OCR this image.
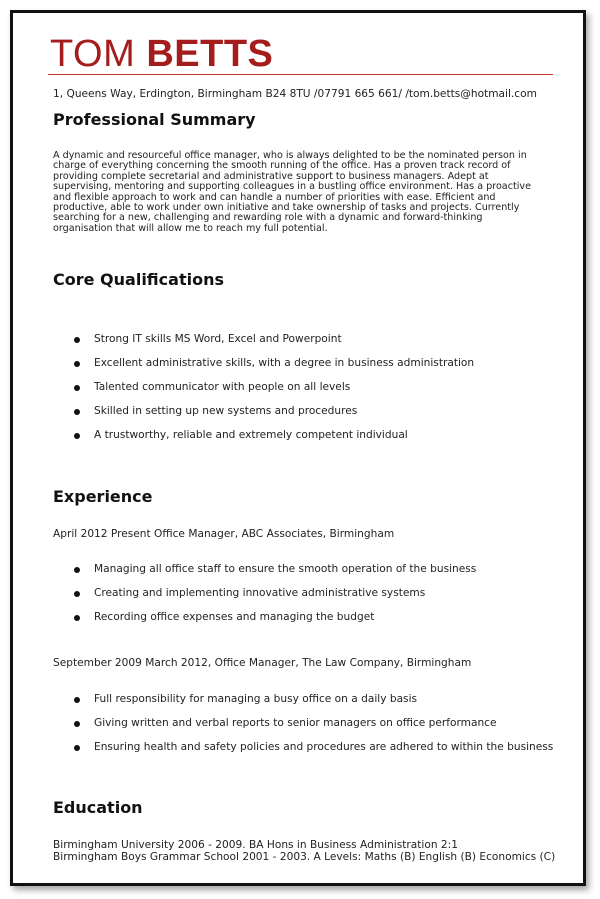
TOM BETTS
1, Queens Way, Erdington, Birmingham B24 8TU /07791 665 661/ /tom.betts@hotmail.com
Professional Summary
A dynamic and resourceful office manager, who is always delighted to be the nominated person in charge of everything concerning the smooth running of the office. Has a proven track record of providing complete secretarial and administrative support to business managers. Adept at supervising, mentoring and supporting colleagues in a bustling office environment. Has a proactive and flexible approach to work and can handle a number of priorities with ease. Efficient and productive, able to work under own initiative and take ownership of tasks and projects. Currently searching for a new, challenging and rewarding role with a dynamic and forward-thinking organisation that will allow me to reach my full potential.
Core Qualifications
Strong IT skills MS Word, Excel and Powerpoint
Excellent administrative skills, with a degree in business administration
Talented communicator with people on all levels
Skilled in setting up new systems and procedures
A trustworthy, reliable and extremely competent individual
Experience
April 2012 Present Office Manager, ABC Associates, Birmingham
Managing all office staff to ensure the smooth operation of the business
Creating and implementing innovative administrative systems
Recording office expenses and managing the budget
September 2009 March 2012, Office Manager, The Law Company, Birmingham
Full responsibility for managing a busy office on a daily basis
Giving written and verbal reports to senior managers on office performance
Ensuring health and safety policies and procedures are adhered to within the business
Education
Birmingham University 2006 - 2009. BA Hons in Business Administration 2:1
Birmingham Boys Grammar School 2001 - 2003. A Levels: Maths (B) English (B) Economics (C)
